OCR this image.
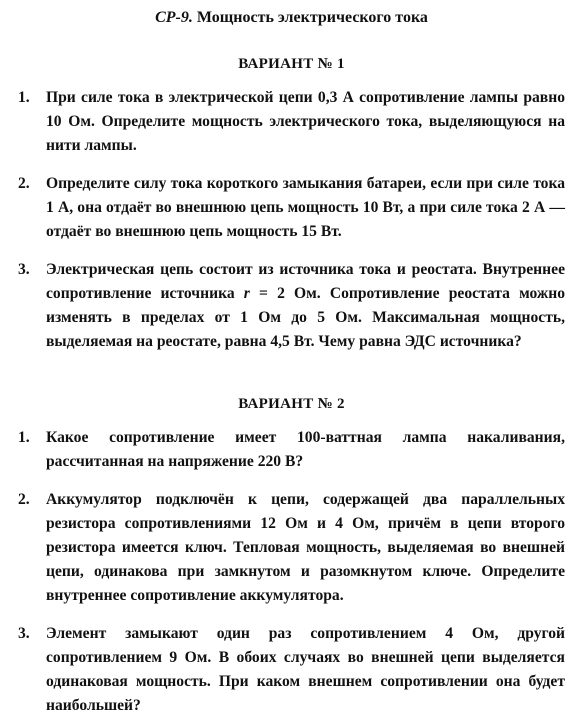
СР-9. Мощность электрического тока
ВАРИАНТ № 1
1.	При силе тока в электрической цепи 0,3 А сопротивление лампы равно 10 Ом. Определите мощность электрического тока, выделяющуюся на нити лампы.
2.	Определите силу тока короткого замыкания батареи, если при силе тока 1 А, она отдаёт во внешнюю цепь мощность 10 Вт, а при силе тока 2 А — отдаёт во внешнюю цепь мощность 15 Вт.
3.	Электрическая цепь состоит из источника тока и реостата. Внутреннее сопротивление источника r = 2 Ом. Сопротивление реостата можно изменять в пределах от 1 Ом до 5 Ом. Максимальная мощность, выделяемая на реостате, равна 4,5 Вт. Чему равна ЭДС источника?
ВАРИАНТ № 2
1.	Какое сопротивление имеет 100-ваттная лампа накаливания, рассчитанная на напряжение 220 В?
2.	Аккумулятор подключён к цепи, содержащей два параллельных резистора сопротивлениями 12 Ом и 4 Ом, причём в цепи второго резистора имеется ключ. Тепловая мощность, выделяемая во внешней цепи, одинакова при замкнутом и разомкнутом ключе. Определите внутреннее сопротивление аккумулятора.
3.	Элемент замыкают один раз сопротивлением 4 Ом, другой сопротивлением 9 Ом. В обоих случаях во внешней цепи выделяется одинаковая мощность. При каком внешнем сопротивлении она будет наибольшей?
